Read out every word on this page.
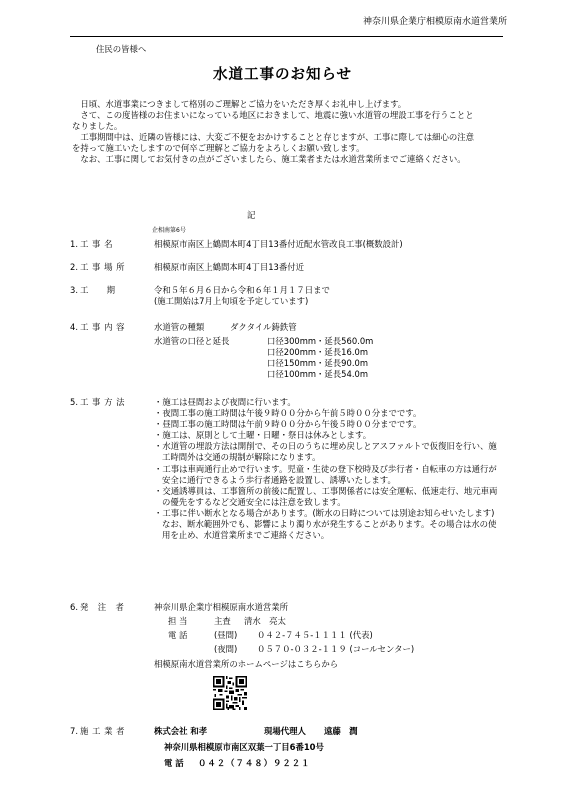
神奈川県企業庁相模原南水道営業所
住民の皆様へ
水道工事のお知らせ

　日頃、水道事業につきまして格別のご理解とご協力をいただき厚くお礼申し上げます。

　さて、この度皆様のお住まいになっている地区におきまして、地震に強い水道管の埋設工事を行うこととなりました。

　工事期間中は、近隣の皆様には、大変ご不便をおかけすることと存じますが、工事に際しては細心の注意を持って施工いたしますので何卒ご理解とご協力をよろしくお願い致します。

　なお、工事に関してお気付きの点がございましたら、施工業者または水道営業所までご連絡ください。

記
企相南第6号
1. 工 事 名	相模原市南区上鶴間本町4丁目13番付近配水管改良工事(概数設計)
2. 工 事 場 所	相模原市南区上鶴間本町4丁目13番付近
3. 工　　期	令和５年６月６日から令和６年１月１７日まで

(施工開始は7月上旬頃を予定しています)

4. 工 事 内 容	水道管の種類	ダクタイル鋳鉄管
水道管の口径と延長	口径300mm・延長560.0m
口径200mm・延長16.0m
口径150mm・延長90.0m
口径100mm・延長54.0m
5. 工 事 方 法	・施工は昼間および夜間に行います。
・夜間工事の施工時間は午後９時００分から午前５時００分までです。
・昼間工事の施工時間は午前９時００分から午後５時００分までです。
・施工は、原則として土曜・日曜・祭日は休みとします。
・水道管の埋設方法は開削で、その日のうちに埋め戻しとアスファルトで仮復旧を行い、施工時間外は交通の規制が解除になります。
・工事は車両通行止めで行います。児童・生徒の登下校時及び歩行者・自転車の方は通行が安全に通行できるよう歩行者通路を設置し、誘導いたします。
・交通誘導員は、工事箇所の前後に配置し、工事関係者には安全運転、低速走行、地元車両の優先をするなど交通安全には注意を致します。
・工事に伴い断水となる場合があります。(断水の日時については別途お知らせいたします)なお、断水範囲外でも、影響により濁り水が発生することがあります。その場合は水の使用を止め、水道営業所までご連絡ください。
6. 発　注　者	神奈川県企業庁相模原南水道営業所
担 当	主査	清水　亮太
電 話	(昼間)	０４２-７４５-１１１１ (代表)
(夜間)	０５７０-０３２-１１９ (コールセンター)
相模原南水道営業所のホームページはこちらから
7. 施 工 業 者	株式会社 和孝	現場代理人	遠藤　潤
神奈川県相模原市南区双葉一丁目6番10号
電 話	０４２（７４８）９２２１
